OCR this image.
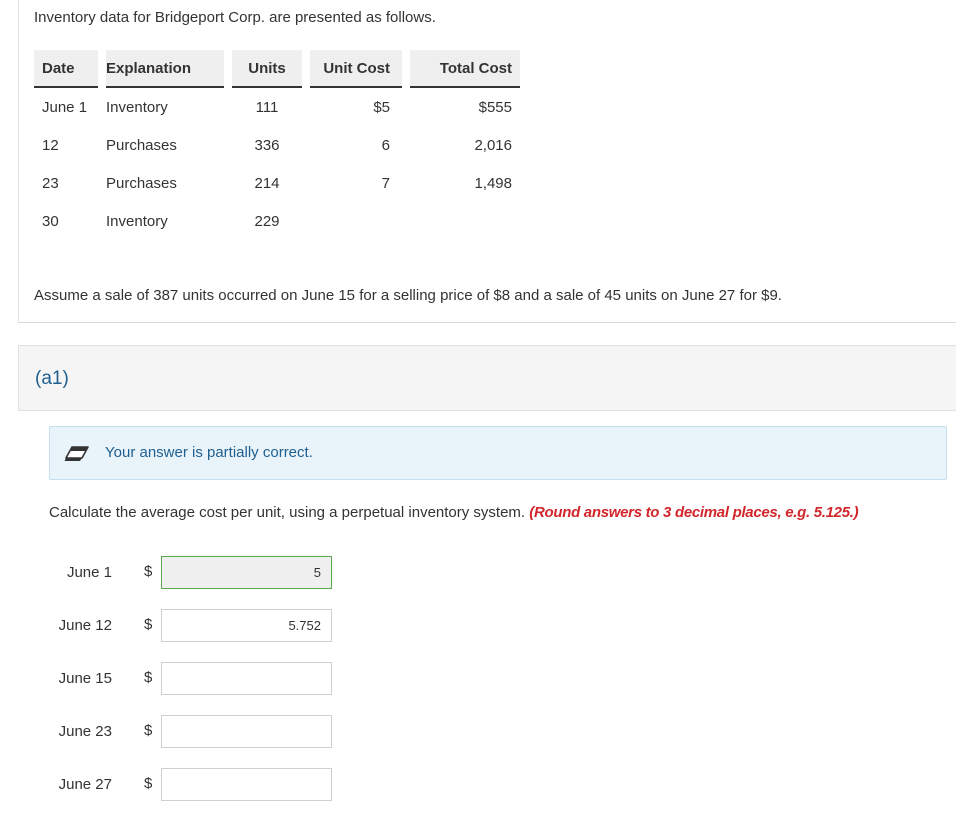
Inventory data for Bridgeport Corp. are presented as follows.
Date		Explanation		Units		Unit Cost		Total Cost
June 1		Inventory		111		$5		$555
12		Purchases		336		6		2,016
23		Purchases		214		7		1,498
30		Inventory		229				
Assume a sale of 387 units occurred on June 15 for a selling price of $8 and a sale of 45 units on June 27 for $9.
(a1)
Your answer is partially correct.
Calculate the average cost per unit, using a perpetual inventory system. (Round answers to 3 decimal places, e.g. 5.125.)
June 1 $
5
June 12 $
5.752
June 15 $
June 23 $
June 27 $
